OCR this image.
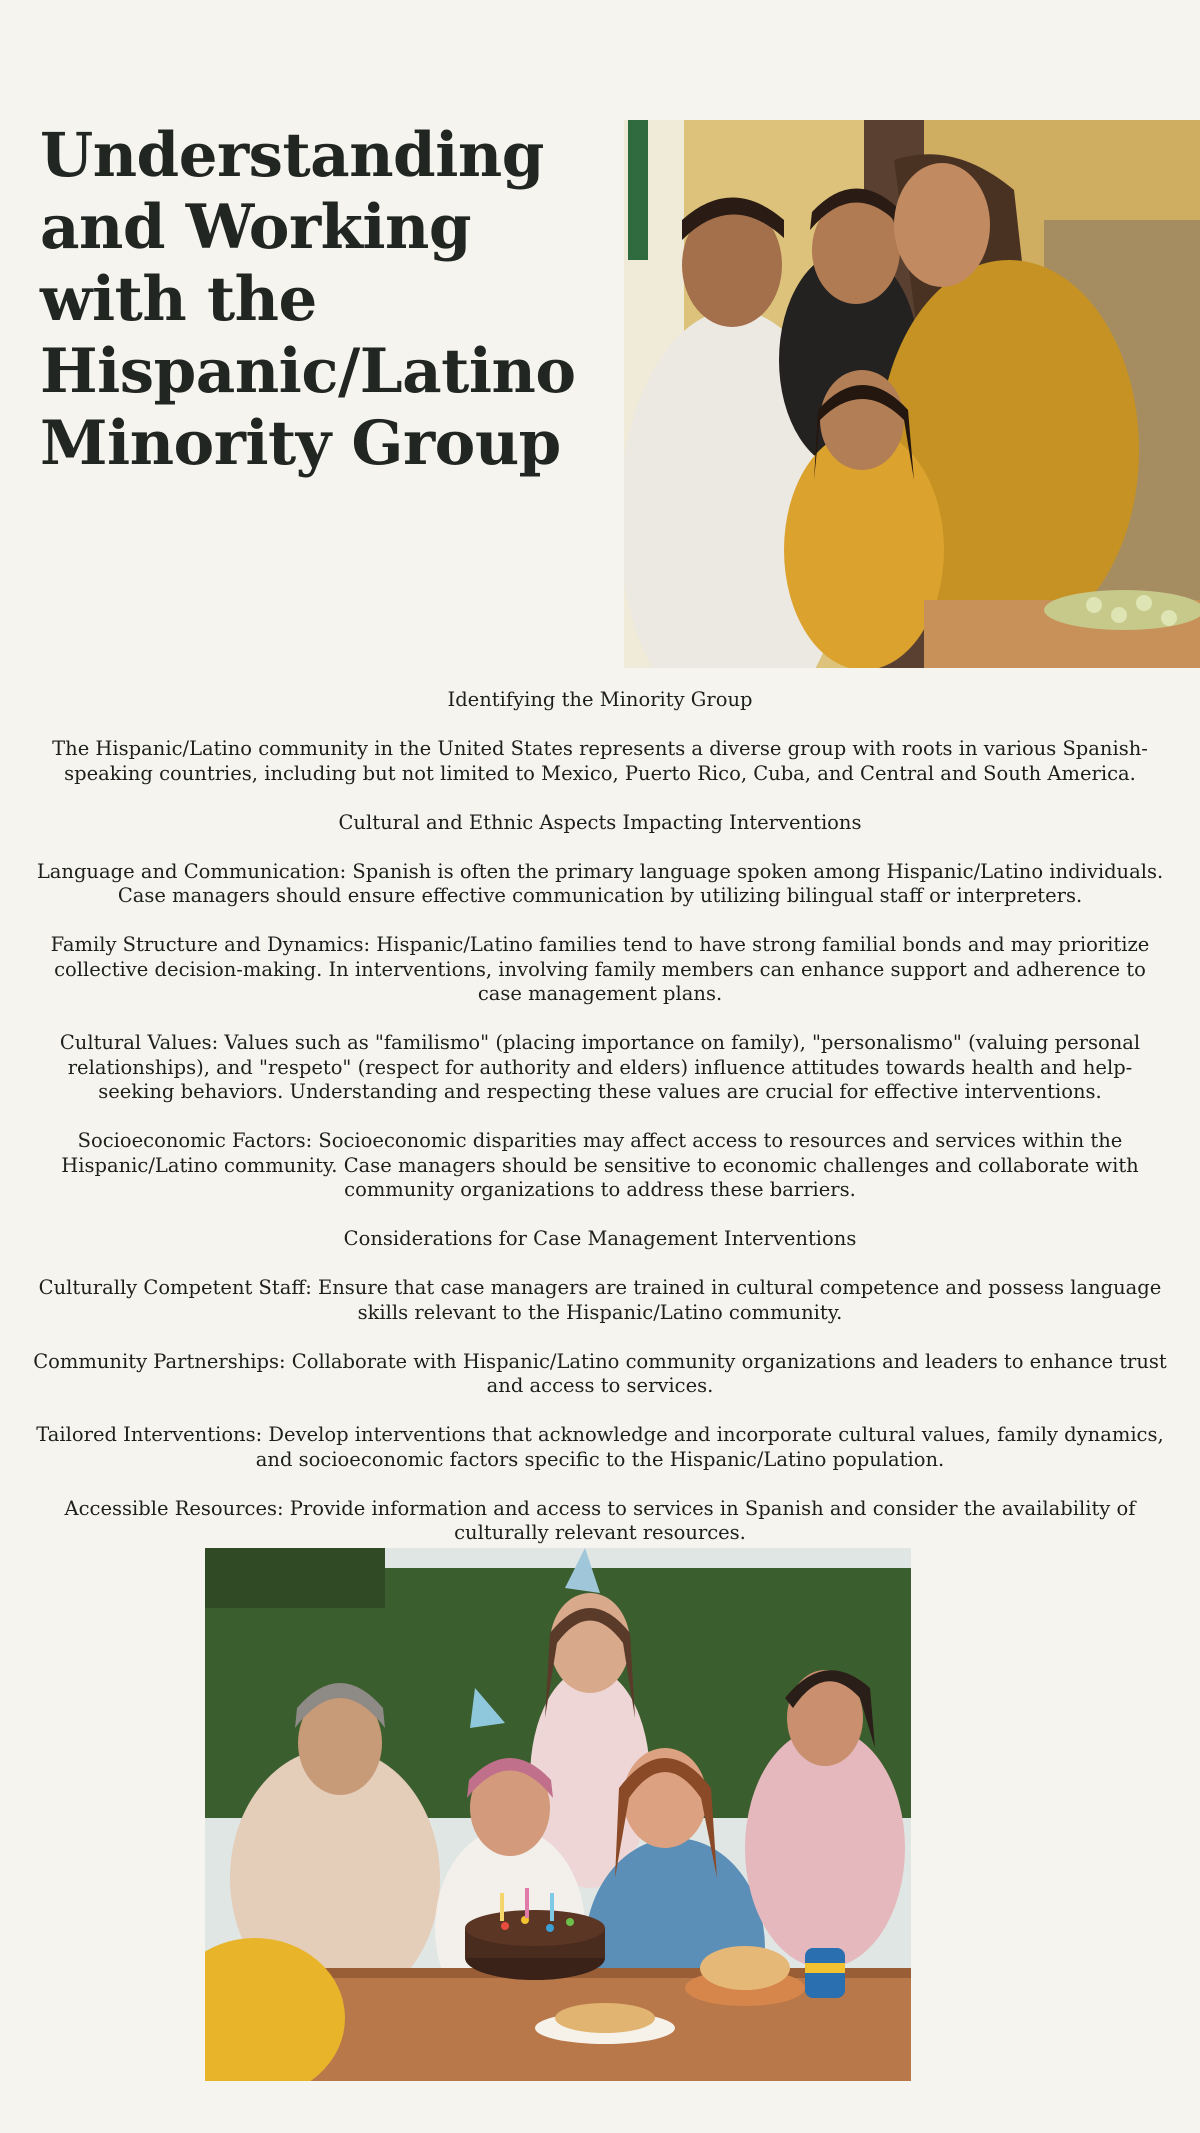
Understanding and Working with the Hispanic/Latino Minority Group

Identifying the Minority Group

The Hispanic/Latino community in the United States represents a diverse group with roots in various Spanish-speaking countries, including but not limited to Mexico, Puerto Rico, Cuba, and Central and South America.

Cultural and Ethnic Aspects Impacting Interventions

Language and Communication: Spanish is often the primary language spoken among Hispanic/Latino individuals. Case managers should ensure effective communication by utilizing bilingual staff or interpreters.

Family Structure and Dynamics: Hispanic/Latino families tend to have strong familial bonds and may prioritize collective decision-making. In interventions, involving family members can enhance support and adherence to case management plans.

Cultural Values: Values such as "familismo" (placing importance on family), "personalismo" (valuing personal relationships), and "respeto" (respect for authority and elders) influence attitudes towards health and help-seeking behaviors. Understanding and respecting these values are crucial for effective interventions.

Socioeconomic Factors: Socioeconomic disparities may affect access to resources and services within the Hispanic/Latino community. Case managers should be sensitive to economic challenges and collaborate with community organizations to address these barriers.

Considerations for Case Management Interventions

Culturally Competent Staff: Ensure that case managers are trained in cultural competence and possess language skills relevant to the Hispanic/Latino community.

Community Partnerships: Collaborate with Hispanic/Latino community organizations and leaders to enhance trust and access to services.

Tailored Interventions: Develop interventions that acknowledge and incorporate cultural values, family dynamics, and socioeconomic factors specific to the Hispanic/Latino population.

Accessible Resources: Provide information and access to services in Spanish and consider the availability of culturally relevant resources.
